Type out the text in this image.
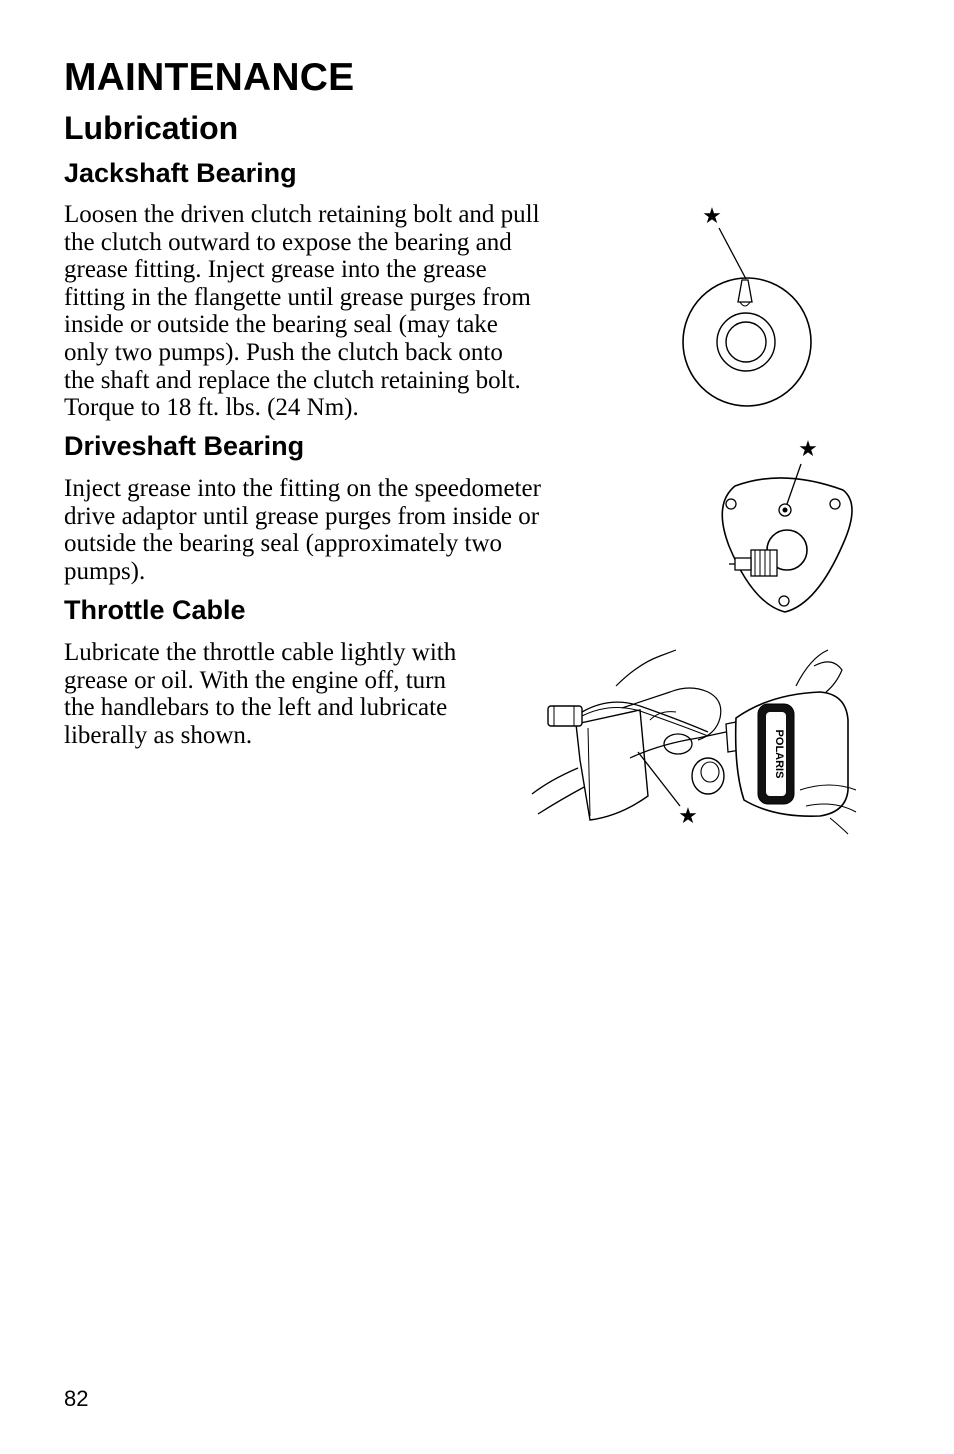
MAINTENANCE
Lubrication
Jackshaft Bearing
Loosen the driven clutch retaining bolt and pull
the clutch outward to expose the bearing and
grease fitting. Inject grease into the grease
fitting in the flangette until grease purges from
inside or outside the bearing seal (may take
only two pumps). Push the clutch back onto
the shaft and replace the clutch retaining bolt.
Torque to 18 ft. lbs. (24 Nm).
Driveshaft Bearing
Inject grease into the fitting on the speedometer
drive adaptor until grease purges from inside or
outside the bearing seal (approximately two
pumps).
Throttle Cable
Lubricate the throttle cable lightly with
grease or oil. With the engine off, turn
the handlebars to the left and lubricate
liberally as shown.
★
★
POLARIS
★
82
